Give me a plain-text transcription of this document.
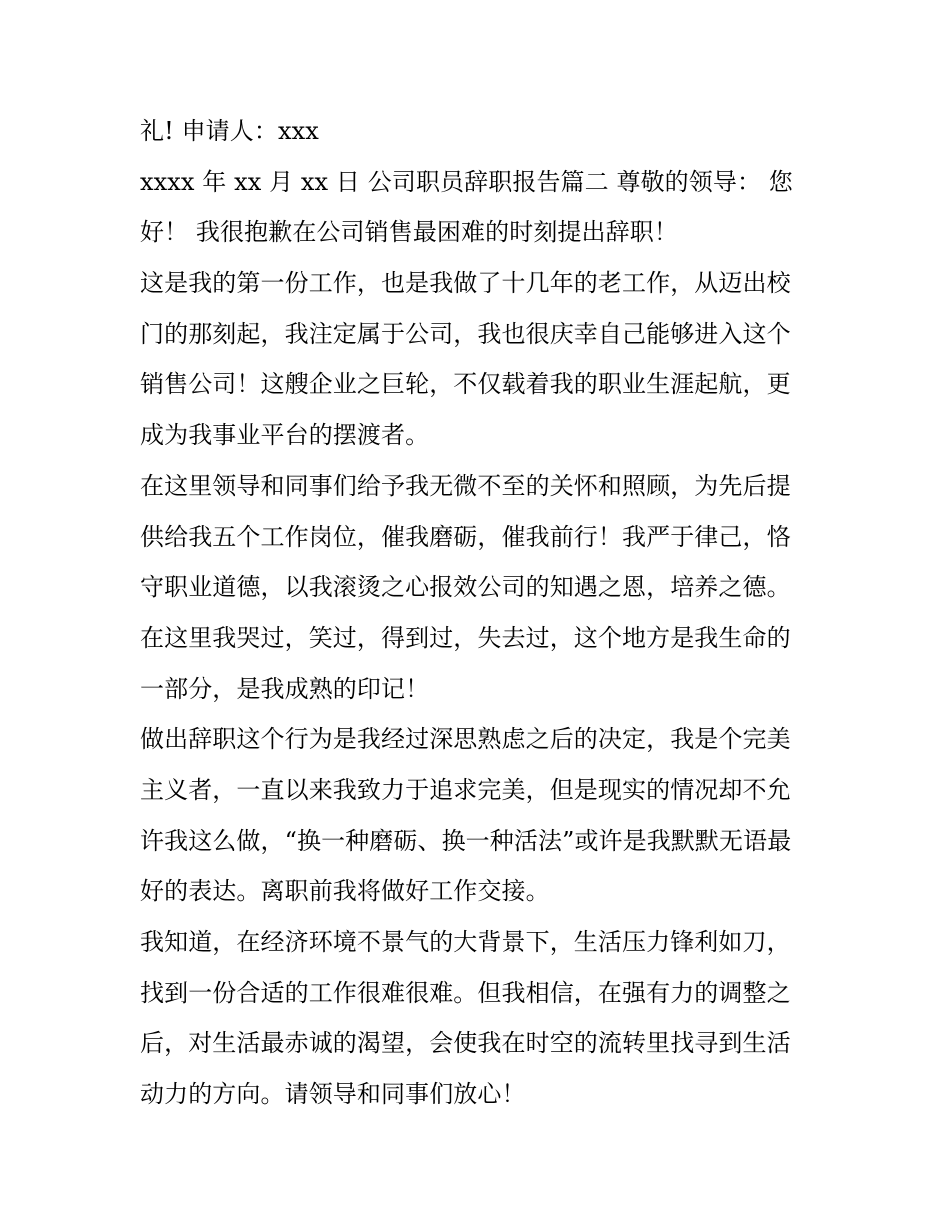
礼! 申请人：xxx
xxxx 年 xx 月 xx 日 公司职员辞职报告篇二 尊敬的领导： 您
好！ 我很抱歉在公司销售最困难的时刻提出辞职！
这是我的第一份工作，也是我做了十几年的老工作，从迈出校
门的那刻起，我注定属于公司，我也很庆幸自己能够进入这个
销售公司！这艘企业之巨轮，不仅载着我的职业生涯起航，更
成为我事业平台的摆渡者。
在这里领导和同事们给予我无微不至的关怀和照顾，为先后提
供给我五个工作岗位，催我磨砺，催我前行！我严于律己，恪
守职业道德，以我滚烫之心报效公司的知遇之恩，培养之德。
在这里我哭过，笑过，得到过，失去过，这个地方是我生命的
一部分，是我成熟的印记！
做出辞职这个行为是我经过深思熟虑之后的决定，我是个完美
主义者，一直以来我致力于追求完美，但是现实的情况却不允
许我这么做，“换一种磨砺、换一种活法”或许是我默默无语最
好的表达。离职前我将做好工作交接。
我知道，在经济环境不景气的大背景下，生活压力锋利如刀，
找到一份合适的工作很难很难。但我相信，在强有力的调整之
后，对生活最赤诚的渴望，会使我在时空的流转里找寻到生活
动力的方向。请领导和同事们放心！
